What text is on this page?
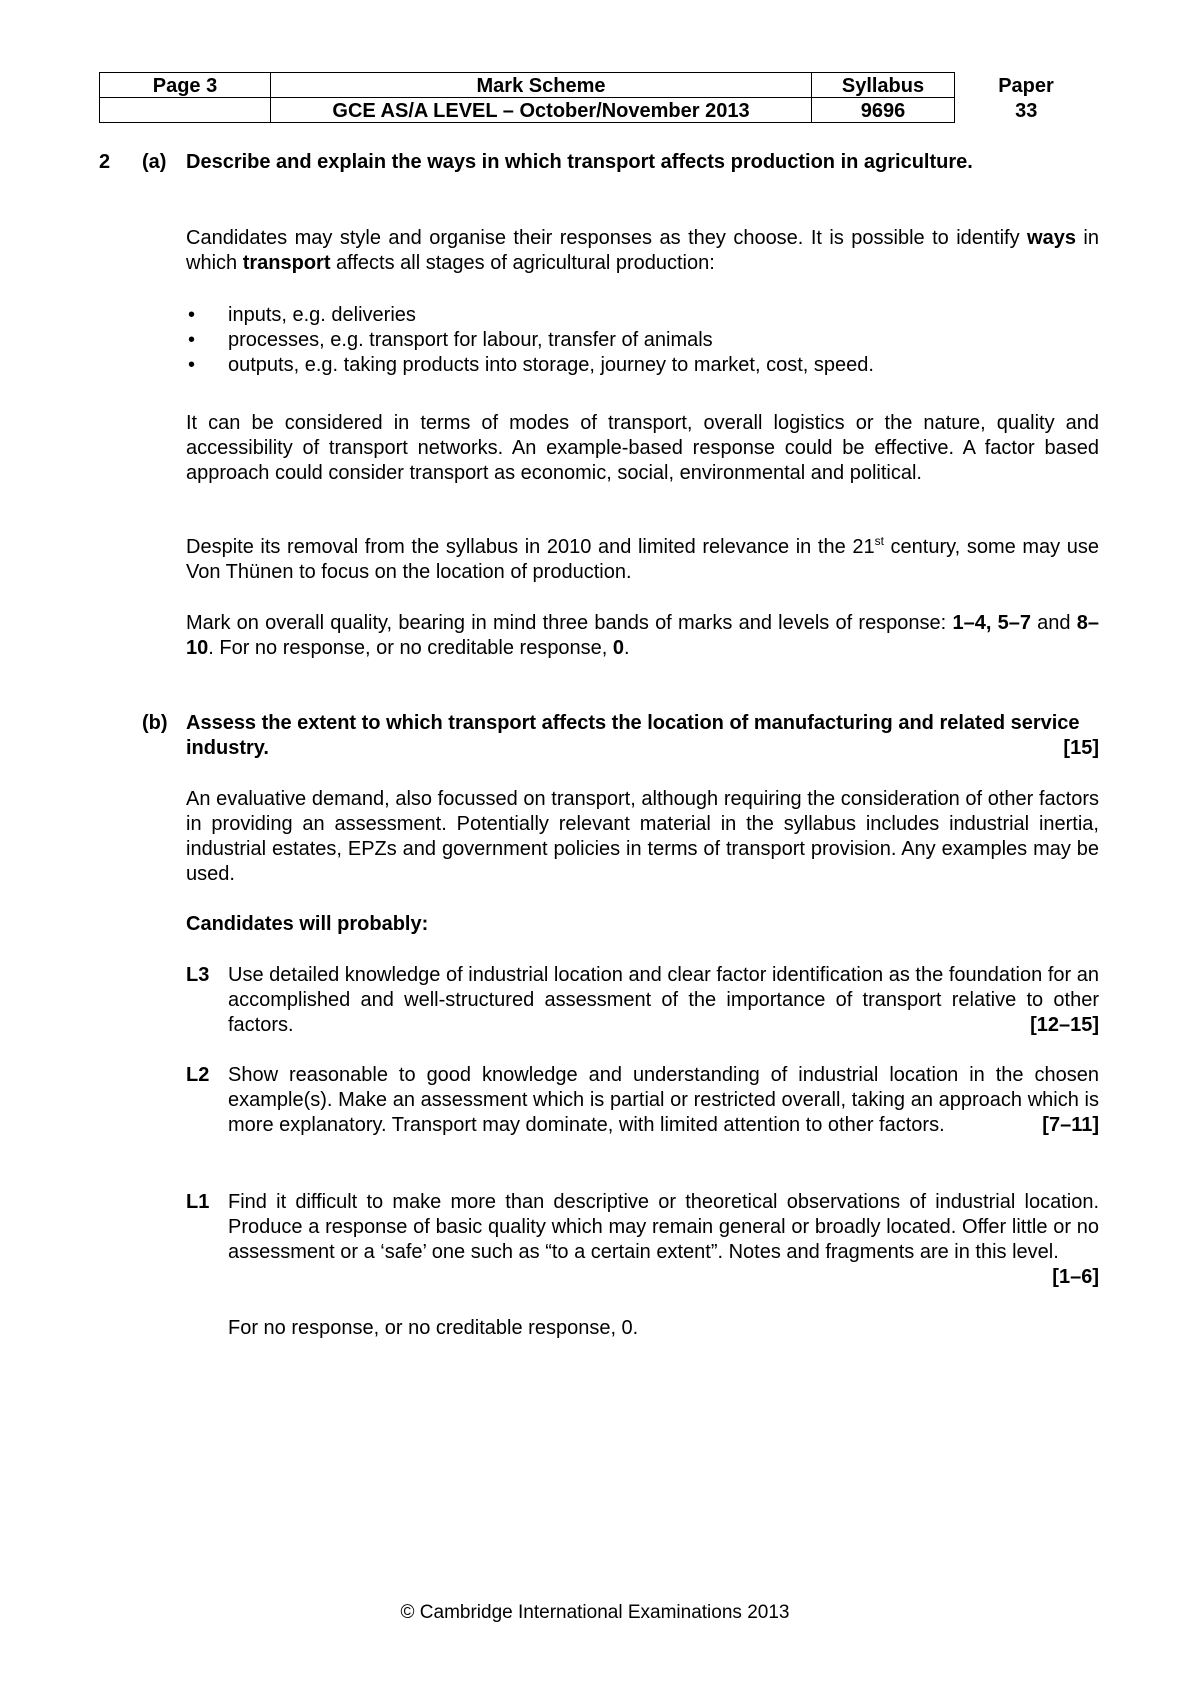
Page 3	Mark Scheme	Syllabus	Paper
	GCE AS/A LEVEL – October/November 2013	9696	33
2 (a) Describe and explain the ways in which transport affects production in agriculture.
Candidates may style and organise their responses as they choose. It is possible to identify ways in which transport affects all stages of agricultural production:
• inputs, e.g. deliveries
• processes, e.g. transport for labour, transfer of animals
• outputs, e.g. taking products into storage, journey to market, cost, speed.
It can be considered in terms of modes of transport, overall logistics or the nature, quality and accessibility of transport networks. An example-based response could be effective. A factor based approach could consider transport as economic, social, environmental and political.
Despite its removal from the syllabus in 2010 and limited relevance in the 21st century, some may use Von Thünen to focus on the location of production.
Mark on overall quality, bearing in mind three bands of marks and levels of response: 1–4, 5–7 and 8–10. For no response, or no creditable response, 0.
(b) Assess the extent to which transport affects the location of manufacturing and related service industry.	[15]
An evaluative demand, also focussed on transport, although requiring the consideration of other factors in providing an assessment. Potentially relevant material in the syllabus includes industrial inertia, industrial estates, EPZs and government policies in terms of transport provision. Any examples may be used.
Candidates will probably:
L3 Use detailed knowledge of industrial location and clear factor identification as the foundation for an accomplished and well-structured assessment of the importance of transport relative to other factors.	[12–15]
L2 Show reasonable to good knowledge and understanding of industrial location in the chosen example(s). Make an assessment which is partial or restricted overall, taking an approach which is more explanatory. Transport may dominate, with limited attention to other factors.	[7–11]
L1 Find it difficult to make more than descriptive or theoretical observations of industrial location. Produce a response of basic quality which may remain general or broadly located. Offer little or no assessment or a ‘safe’ one such as “to a certain extent”. Notes and fragments are in this level.
[1–6]
For no response, or no creditable response, 0.
© Cambridge International Examinations 2013
